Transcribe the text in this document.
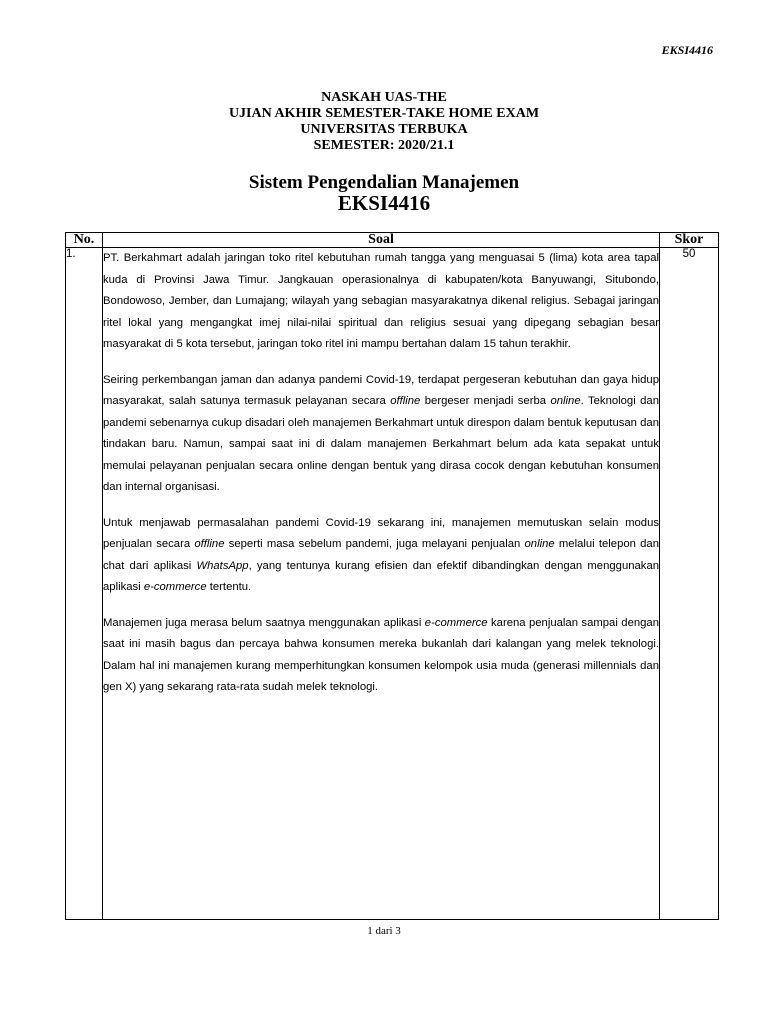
EKSI4416
NASKAH UAS-THE
UJIAN AKHIR SEMESTER-TAKE HOME EXAM
UNIVERSITAS TERBUKA
SEMESTER: 2020/21.1
Sistem Pengendalian Manajemen
EKSI4416
No.	Soal	Skor
1.	PT. Berkahmart adalah jaringan toko ritel kebutuhan rumah tangga yang menguasai 5 (lima) kota area tapal kuda di Provinsi Jawa Timur. Jangkauan operasionalnya di kabupaten/kota Banyuwangi, Situbondo, Bondowoso, Jember, dan Lumajang; wilayah yang sebagian masyarakatnya dikenal religius. Sebagai jaringan ritel lokal yang mengangkat imej nilai-nilai spiritual dan religius sesuai yang dipegang sebagian besar masyarakat di 5 kota tersebut, jaringan toko ritel ini mampu bertahan dalam 15 tahun terakhir.

Seiring perkembangan jaman dan adanya pandemi Covid-19, terdapat pergeseran kebutuhan dan gaya hidup masyarakat, salah satunya termasuk pelayanan secara offline bergeser menjadi serba online. Teknologi dan pandemi sebenarnya cukup disadari oleh manajemen Berkahmart untuk direspon dalam bentuk keputusan dan tindakan baru. Namun, sampai saat ini di dalam manajemen Berkahmart belum ada kata sepakat untuk memulai pelayanan penjualan secara online dengan bentuk yang dirasa cocok dengan kebutuhan konsumen dan internal organisasi.

Untuk menjawab permasalahan pandemi Covid-19 sekarang ini, manajemen memutuskan selain modus penjualan secara offline seperti masa sebelum pandemi, juga melayani penjualan online melalui telepon dan chat dari aplikasi WhatsApp, yang tentunya kurang efisien dan efektif dibandingkan dengan menggunakan aplikasi e-commerce tertentu.

Manajemen juga merasa belum saatnya menggunakan aplikasi e-commerce karena penjualan sampai dengan saat ini masih bagus dan percaya bahwa konsumen mereka bukanlah dari kalangan yang melek teknologi. Dalam hal ini manajemen kurang memperhitungkan konsumen kelompok usia muda (generasi millennials dan gen X) yang sekarang rata-rata sudah melek teknologi.	50
1 dari 3
